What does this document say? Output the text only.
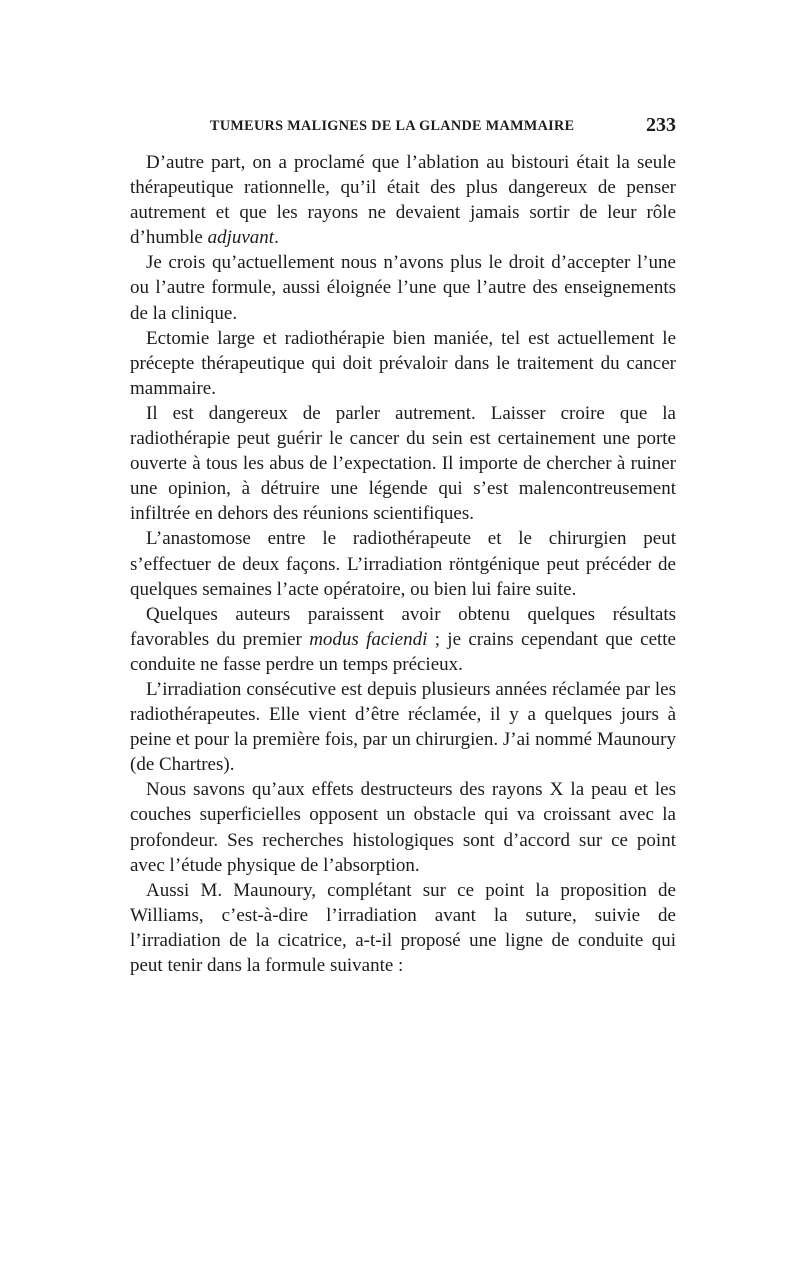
TUMEURS MALIGNES DE LA GLANDE MAMMAIRE	233

D’autre part, on a proclamé que l’ablation au bistouri était la seule thérapeutique rationnelle, qu’il était des plus dangereux de penser autrement et que les rayons ne devaient jamais sortir de leur rôle d’humble adjuvant.

Je crois qu’actuellement nous n’avons plus le droit d’accepter l’une ou l’autre formule, aussi éloignée l’une que l’autre des enseignements de la clinique.

Ectomie large et radiothérapie bien maniée, tel est actuellement le précepte thérapeutique qui doit prévaloir dans le traitement du cancer mammaire.

Il est dangereux de parler autrement. Laisser croire que la radiothérapie peut guérir le cancer du sein est certainement une porte ouverte à tous les abus de l’expectation. Il importe de chercher à ruiner une opinion, à détruire une légende qui s’est malencontreusement infiltrée en dehors des réunions scientifiques.

L’anastomose entre le radiothérapeute et le chirurgien peut s’effectuer de deux façons. L’irradiation röntgénique peut précéder de quelques semaines l’acte opératoire, ou bien lui faire suite.

Quelques auteurs paraissent avoir obtenu quelques résultats favorables du premier modus faciendi ; je crains cependant que cette conduite ne fasse perdre un temps précieux.

L’irradiation consécutive est depuis plusieurs années réclamée par les radiothérapeutes. Elle vient d’être réclamée, il y a quelques jours à peine et pour la première fois, par un chirurgien. J’ai nommé Maunoury (de Chartres).

Nous savons qu’aux effets destructeurs des rayons X la peau et les couches superficielles opposent un obstacle qui va croissant avec la profondeur. Ses recherches histologiques sont d’accord sur ce point avec l’étude physique de l’absorption.

Aussi M. Maunoury, complétant sur ce point la proposition de Williams, c’est-à-dire l’irradiation avant la suture, suivie de l’irradiation de la cicatrice, a-t-il proposé une ligne de conduite qui peut tenir dans la formule suivante :
